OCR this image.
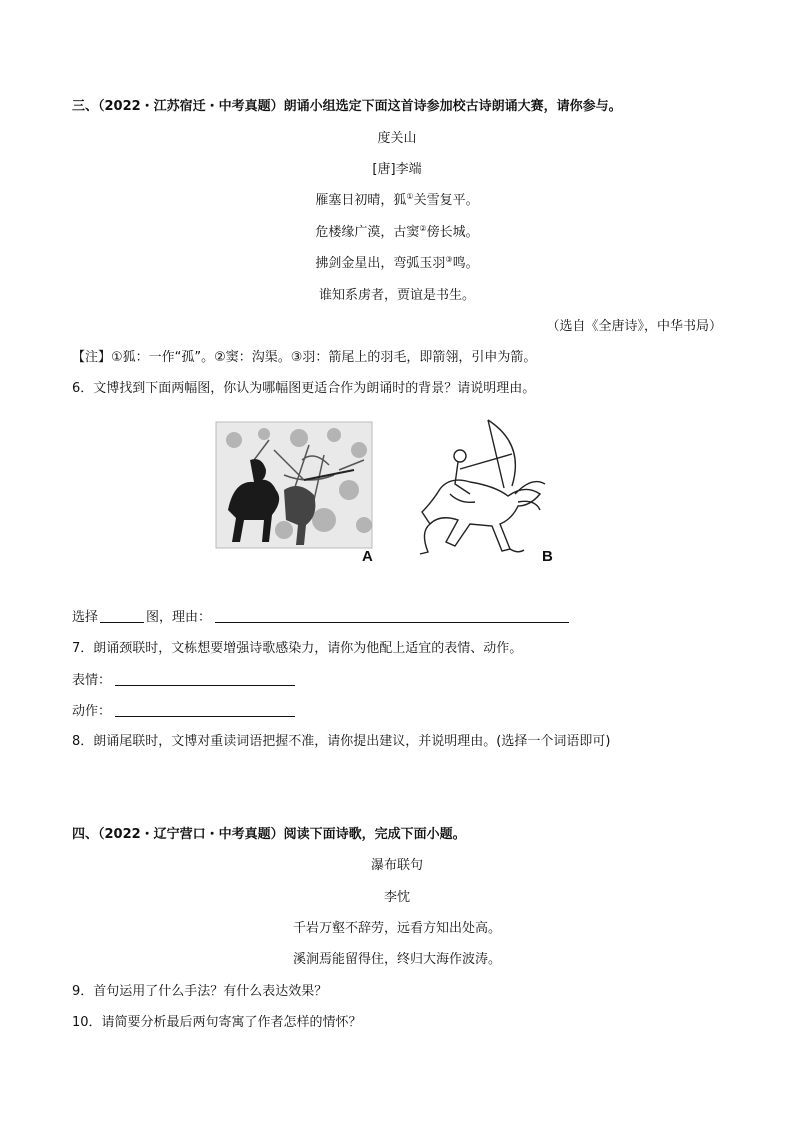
三、（2022・江苏宿迁・中考真题）朗诵小组选定下面这首诗参加校古诗朗诵大赛，请你参与。
度关山
[唐]李端
雁塞日初晴，狐①关雪复平。
危楼缘广漠，古窦②傍长城。
拂剑金星出，弯弧玉羽③鸣。
谁知系虏者，贾谊是书生。
（选自《全唐诗》，中华书局）
【注】①狐：一作“孤”。②窦：沟渠。③羽：箭尾上的羽毛，即箭翎，引申为箭。
6．文博找到下面两幅图，你认为哪幅图更适合作为朗诵时的背景？请说明理由。
A	B
选择	图，理由：
7．朗诵颈联时，文栋想要增强诗歌感染力，请你为他配上适宜的表情、动作。
表情：
动作：
8．朗诵尾联时，文博对重读词语把握不准，请你提出建议，并说明理由。(选择一个词语即可)
四、（2022・辽宁营口・中考真题）阅读下面诗歌，完成下面小题。
瀑布联句
李忱
千岩万壑不辞劳，远看方知出处高。
溪涧焉能留得住，终归大海作波涛。
9．首句运用了什么手法？有什么表达效果？
10．请简要分析最后两句寄寓了作者怎样的情怀？
